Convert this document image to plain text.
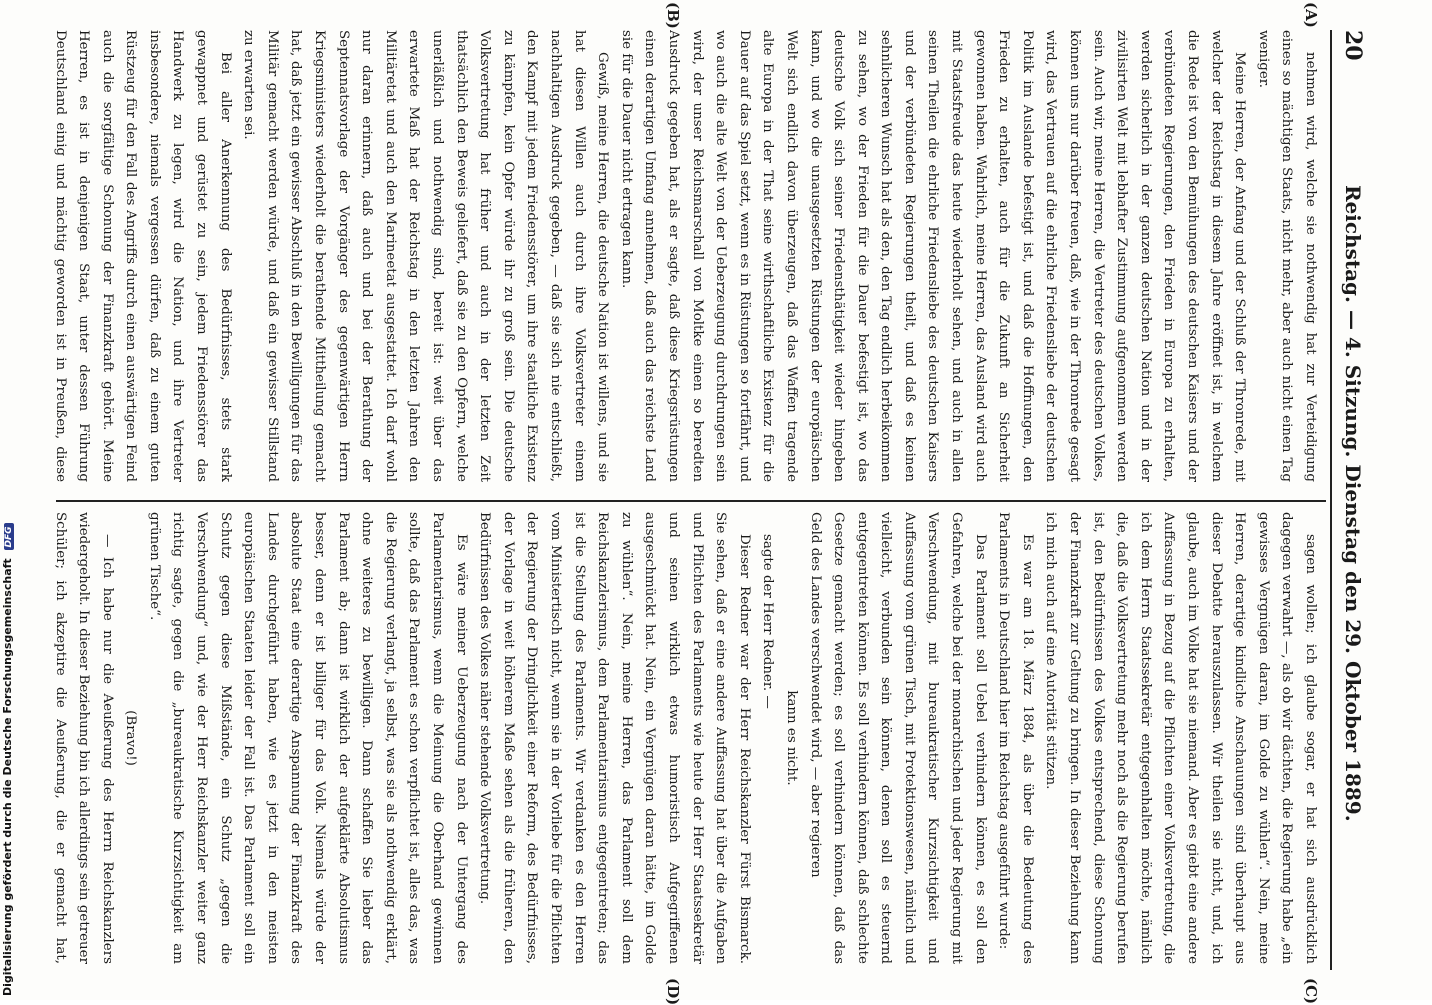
Digitalisierung gefördert durch die Deutsche Forschungsgemeinschaft DFG
20
Reichstag. — 4. Sitzung. Dienstag den 29. Oktober 1889.
(A)
(B)
(C)
(D)

nehmen wird, welche sie nothwendig hat zur Verteidigung eines so mächtigen Staats, nicht mehr, aber auch nicht einen Tag weniger.

Meine Herren, der Anfang und der Schluß der Thronrede, mit welcher der Reichstag in diesem Jahre eröffnet ist, in welchem die Rede ist von den Bemühungen des deutschen Kaisers und der verbündeten Regierungen, den Frieden in Europa zu erhalten, werden sicherlich in der ganzen deutschen Nation und in der zivilisirten Welt mit lebhafter Zustimmung aufgenommen werden sein. Auch wir, meine Herren, die Vertreter des deutschen Volkes, können uns nur darüber freuen, daß, wie in der Thronrede gesagt wird, das Vertrauen auf die ehrliche Friedensliebe der deutschen Politik im Auslande befestigt ist, und daß die Hoffnungen, den Frieden zu erhalten, auch für die Zukunft an Sicherheit gewonnen haben. Wahrlich, meine Herren, das Ausland wird auch mit Staatsfreude das heute wiederholt sehen, und auch in allen seinen Theilen die ehrliche Friedensliebe des deutschen Kaisers und der verbündeten Regierungen theilt, und daß es keinen sehnlicheren Wunsch hat als den, den Tag endlich herbeikommen zu sehen, wo der Frieden für die Dauer befestigt ist, wo das deutsche Volk sich seiner Friedensthätigkeit wieder hingeben kann, und wo die unausgesetzten Rüstungen der europäischen Welt sich endlich davon überzeugen, daß das Waffen tragende alte Europa in der That seine wirthschaftliche Existenz für die Dauer auf das Spiel setzt, wenn es in Rüstungen so fortfährt, und wo auch die alte Welt von der Ueberzeugung durchdrungen sein wird, der unser Reichsmarschall von Moltke einen so beredten Ausdruck gegeben hat, als er sagte, daß diese Kriegsrüstungen einen derartigen Umfang annehmen, daß auch das reichste Land sie für die Dauer nicht ertragen kann.

Gewiß, meine Herren, die deutsche Nation ist willens, und sie hat diesen Willen auch durch ihre Volksvertreter einem nachhaltigen Ausdruck gegeben, — daß sie sich nie entschließt, den Kampf mit jedem Friedensstörer, um ihre staatliche Existenz zu kämpfen, kein Opfer würde ihr zu groß sein. Die deutsche Volksvertretung hat früher und auch in der letzten Zeit thatsächlich den Beweis geliefert, daß sie zu den Opfern, welche unerläßlich und nothwendig sind, bereit ist: weit über das erwartete Maß hat der Reichstag in den letzten Jahren den Militäretat und auch den Marineetat ausgestattet. Ich darf wohl nur daran erinnern, daß auch und bei der Berathung der Septennatsvorlage der Vorgänger des gegenwärtigen Herrn Kriegsministers wiederholt die berathende Mittheilung gemacht hat, daß jetzt ein gewisser Abschluß in den Bewilligungen für das Militär gemacht werden würde, und daß ein gewisser Stillstand zu erwarten sei.

Bei aller Anerkennung des Bedürfnisses, stets stark gewappnet und gerüstet zu sein, jedem Friedensstörer das Handwerk zu legen, wird die Nation, und ihre Vertreter insbesondere, niemals vergessen dürfen, daß zu einem guten Rüstzeug für den Fall des Angriffs durch einen auswärtigen Feind auch die sorgfältige Schonung der Finanzkraft gehört. Meine Herren, es ist in denjenigen Staat, unter dessen Führung Deutschland einig und mächtig geworden ist in Preußen, diese

sagen wollen; ich glaube sogar, er hat sich ausdrücklich dagegen verwahrt —, als ob wir dächten, die Regierung habe „ein gewisses Vergnügen daran, im Golde zu wühlen“. Nein, meine Herren, derartige kindliche Anschauungen sind überhaupt aus dieser Debatte herauszulassen. Wir theilen sie nicht, und, ich glaube, auch im Volke hat sie niemand. Aber es giebt eine andere Auffassung in Bezug auf die Pflichten einer Volksvertretung, die ich dem Herrn Staatssekretär entgegenhalten möchte, nämlich die, daß die Volksvertretung mehr noch als die Regierung berufen ist, den Bedürfnissen des Volkes entsprechend, diese Schonung der Finanzkraft zur Geltung zu bringen. In dieser Beziehung kann ich mich auch auf eine Autorität stützen.

Es war am 18. März 1884, als über die Bedeutung des Parlaments in Deutschland hier im Reichstag ausgeführt wurde:

Das Parlament soll Uebel verhindern können, es soll den Gefahren, welche bei der monarchischen und jeder Regierung mit Verschwendung, mit bureaukratischer Kurzsichtigkeit und Auffassung vom grünen Tisch, mit Protektionswesen, nämlich und vielleicht, verbunden sein können, denen soll es steuernd entgegentreten können. Es soll verhindern können, daß schlechte Gesetze gemacht werden; es soll verhindern können, daß das Geld des Landes verschwendet wird, — aber regieren

kann es nicht.

sagte der Herr Redner. —

Dieser Redner war der Herr Reichskanzler Fürst Bismarck. Sie sehen, daß er eine andere Auffassung hat über die Aufgaben und Pflichten des Parlaments wie heute der Herr Staatssekretär und seinen wirklich etwas humoristisch Aufgegriffenen ausgeschmückt hat. Nein, ein Vergnügen daran hätte, im Golde zu wühlen“. Nein, meine Herren, das Parlament soll dem Reichskanzlerismus, dem Parlamentarismus entgegentreten; das ist die Stellung des Parlaments. Wir verdanken es den Herren vom Ministertisch nicht, wenn sie in der Vorliebe für die Pflichten der Regierung der Dringlichkeit einer Reform, des Bedürfnisses, der Vorlage in weit höherem Maße sehen als die früheren, den Bedürfnissen des Volkes näher stehende Volksvertretung.

Es wäre meiner Ueberzeugung nach der Untergang des Parlamentarismus, wenn die Meinung die Oberhand gewinnen sollte, daß das Parlament es schon verpflichtet ist, alles das, was die Regierung verlangt, ja selbst, was sie als nothwendig erklärt, ohne weiteres zu bewilligen. Dann schaffen Sie lieber das Parlament ab; dann ist wirklich der aufgeklärte Absolutismus besser, denn er ist billiger für das Volk. Niemals würde der absolute Staat eine derartige Anspannung der Finanzkraft des Landes durchgeführt haben, wie es jetzt in den meisten europäischen Staaten leider der Fall ist. Das Parlament soll ein Schutz gegen diese Mißstände, ein Schutz „gegen die Verschwendung“ und, wie der Herr Reichskanzler weiter ganz richtig sagte, gegen die „bureaukratische Kurzsichtigkeit am grünen Tische“.

(Bravo!)

— Ich habe nur die Aeußerung des Herrn Reichskanzlers wiedergeholt. In dieser Beziehung bin ich allerdings sein getreuer Schüler; ich akzeptire die Aeußerung, die er gemacht hat,
